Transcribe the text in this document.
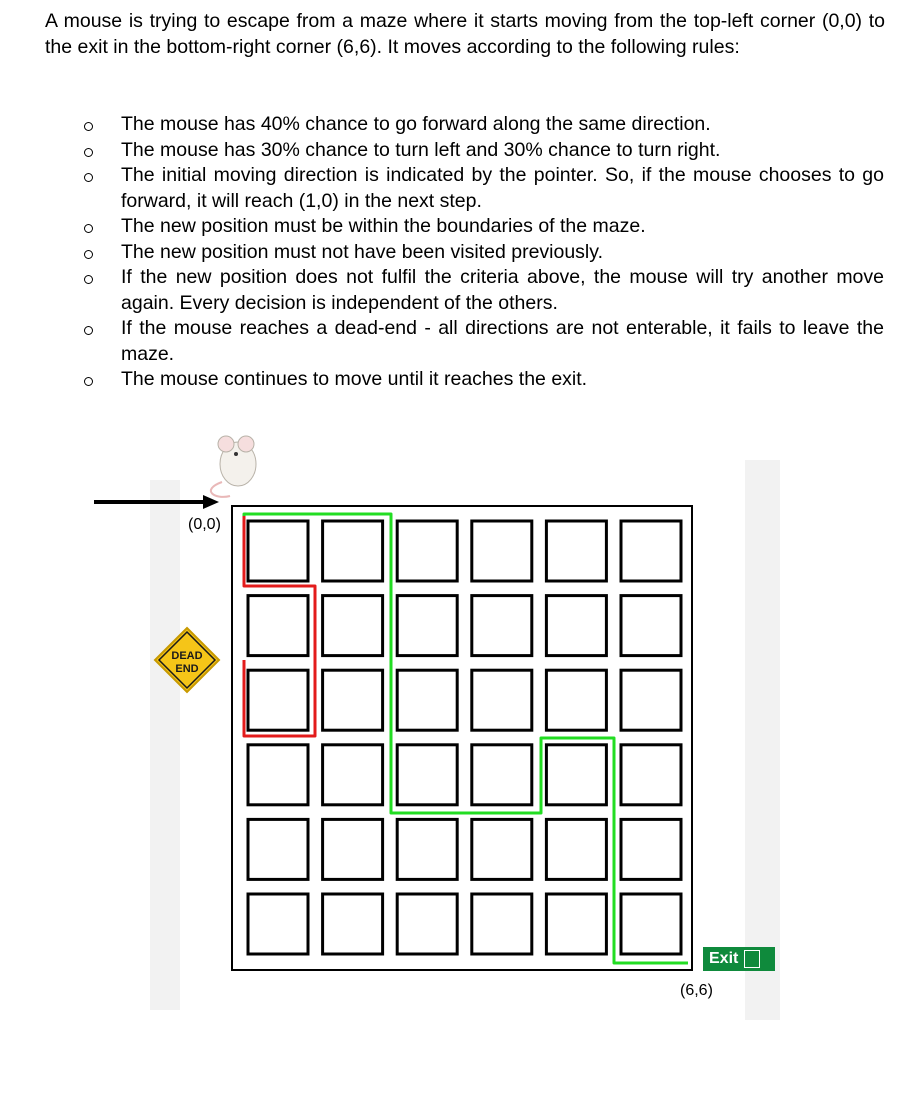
A mouse is trying to escape from a maze where it starts moving from the top-left corner (0,0) to the exit in the bottom-right corner (6,6). It moves according to the following rules:

The mouse has 40% chance to go forward along the same direction.
The mouse has 30% chance to turn left and 30% chance to turn right.
The initial moving direction is indicated by the pointer. So, if the mouse chooses to go forward, it will reach (1,0) in the next step.
The new position must be within the boundaries of the maze.
The new position must not have been visited previously.
If the new position does not fulfil the criteria above, the mouse will try another move again. Every decision is independent of the others.
If the mouse reaches a dead-end - all directions are not enterable, it fails to leave the maze.
The mouse continues to move until it reaches the exit.
DEAD
END
(0,0)
(6,6)
Exit
